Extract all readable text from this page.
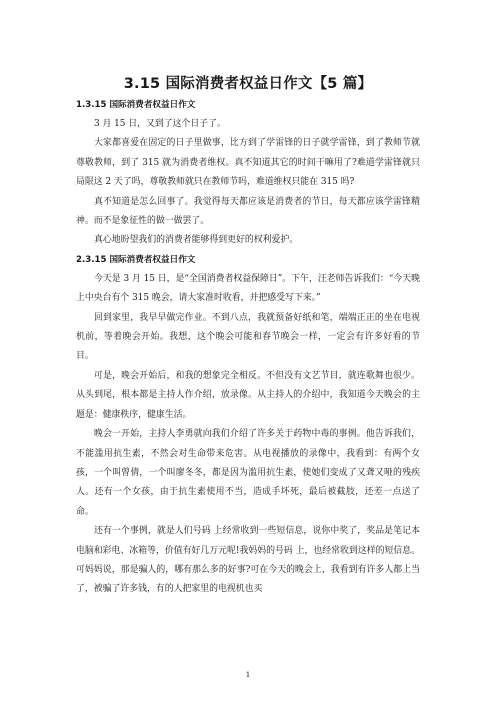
3.15 国际消费者权益日作文【5 篇】

1.3.15 国际消费者权益日作文

3 月 15 日，又到了这个日子了。

大家都喜爱在固定的日子里做事，比方到了学雷锋的日子就学雷锋，到了教师节就尊敬教师，到了 315 就为消费者维权。真不知道其它的时间干嘛用了?难道学雷锋就只局限这 2 天了吗，尊敬教师就只在教师节吗，难道维权只能在 315 吗?

真不知道是怎么回事了。我觉得每天都应该是消费者的节日，每天都应该学雷锋精神。而不是象征性的做一做罢了。

真心地盼望我们的消费者能够得到更好的权利爱护。

2.3.15 国际消费者权益日作文

今天是 3 月 15 日，是“全国消费者权益保障日”。下午，汪老师告诉我们：“今天晚上中央台有个 315 晚会，请大家准时收看，并把感受写下来。”

回到家里，我早早做完作业。不到八点，我就预备好纸和笔，端端正正的坐在电视机前，等着晚会开始。我想，这个晚会可能和春节晚会一样，一定会有许多好看的节目。

可是，晚会开始后，和我的想象完全相反。不但没有文艺节目，就连歌舞也很少。从头到尾，根本都是主持人作介绍，放录像。从主持人的介绍中，我知道今天晚会的主题是：健康秩序，健康生活。

晚会一开始，主持人李勇就向我们介绍了许多关于药物中毒的事例。他告诉我们，不能滥用抗生素，不然会对生命带来危害。从电视播放的录像中，我看到：有两个女孩，一个叫曾倩，一个叫廖冬冬，都是因为滥用抗生素，使她们变成了又聋又哑的残疾人。还有一个女孩，由于抗生素使用不当，造成手坏死，最后被截肢，还差一点送了命。

还有一个事例，就是人们号码 上经常收到一些短信息，说你中奖了，奖品是笔记本电脑和彩电、冰箱等，价值有好几万元呢!我妈妈的号码 上，也经常收到这样的短信息。可妈妈说，那是骗人的，哪有那么多的好事?可在今天的晚会上，我看到有许多人都上当了，被骗了许多钱，有的人把家里的电视机也买

1
